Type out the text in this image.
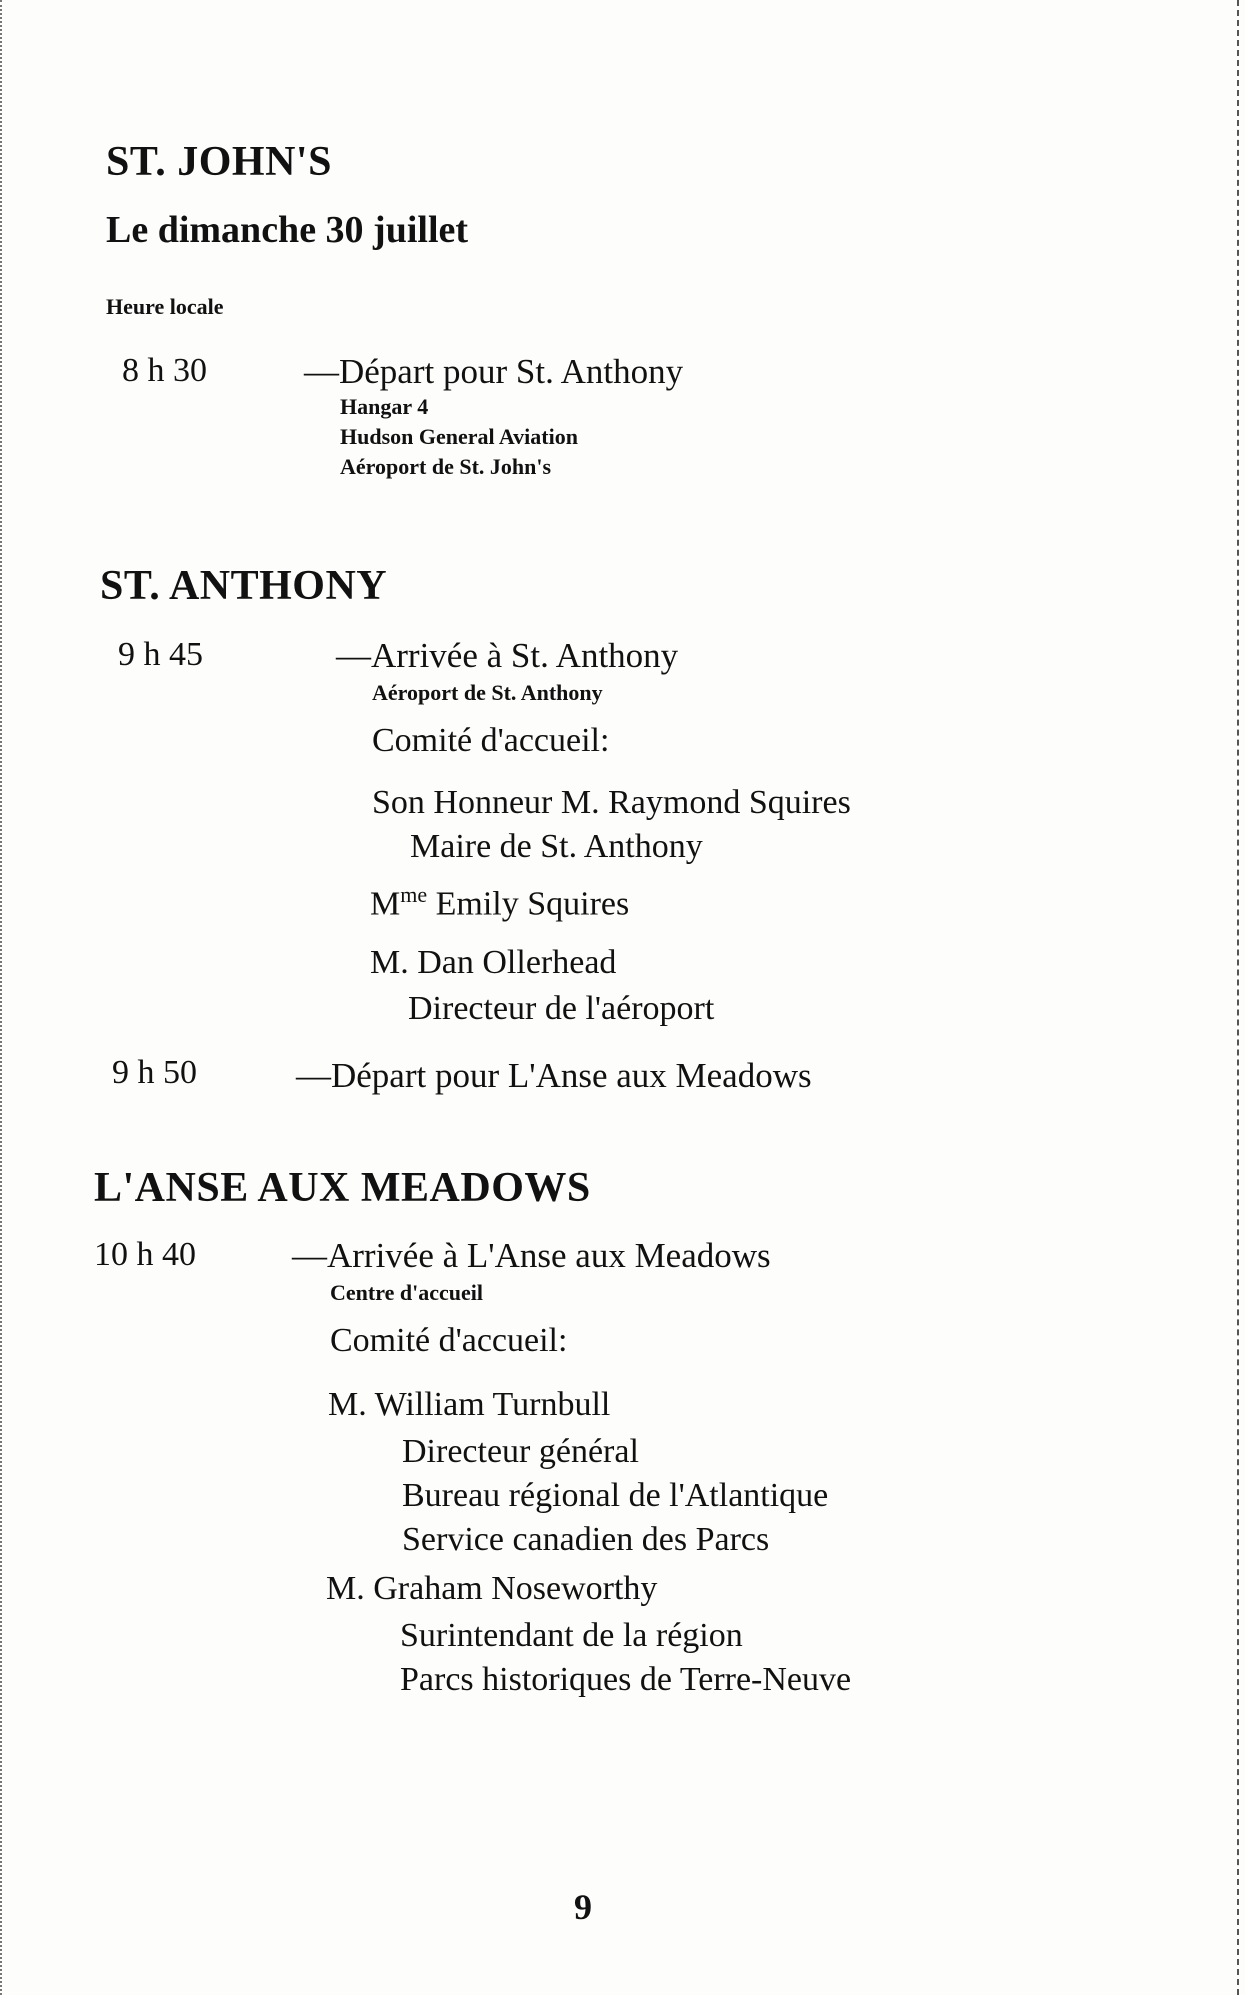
ST. JOHN'S
Le dimanche 30 juillet
Heure locale
8 h 30	—Départ pour St. Anthony
Hangar 4
Hudson General Aviation
Aéroport de St. John's
ST. ANTHONY
9 h 45	—Arrivée à St. Anthony
Aéroport de St. Anthony
Comité d'accueil:
Son Honneur M. Raymond Squires
Maire de St. Anthony
$M^{me}$ Emily Squires
M. Dan Ollerhead
Directeur de l'aéroport
9 h 50	—Départ pour L'Anse aux Meadows
L'ANSE AUX MEADOWS
10 h 40	—Arrivée à L'Anse aux Meadows
Centre d'accueil
Comité d'accueil:
M. William Turnbull
Directeur général
Bureau régional de l'Atlantique
Service canadien des Parcs
M. Graham Noseworthy
Surintendant de la région
Parcs historiques de Terre-Neuve
9
